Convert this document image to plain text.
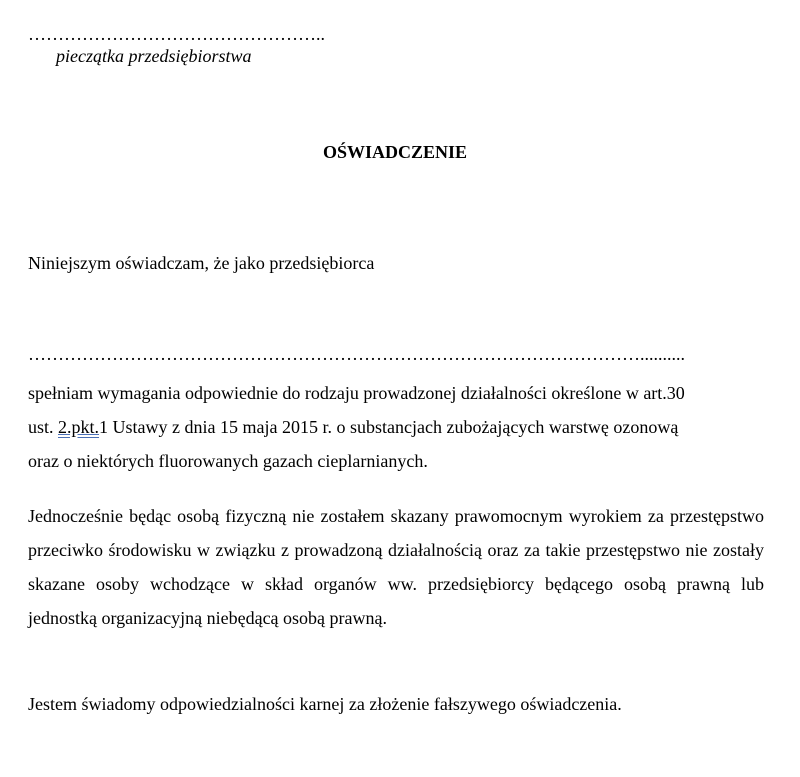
…………………………………………..
pieczątka przedsiębiorstwa
OŚWIADCZENIE
Niniejszym oświadczam, że jako przedsiębiorca
…………………………………………………………………………………………..........
spełniam wymagania odpowiednie do rodzaju prowadzonej działalności określone w art.30
ust. 2.pkt.1 Ustawy z dnia 15 maja 2015 r. o substancjach zubożających warstwę ozonową
oraz o niektórych fluorowanych gazach cieplarnianych.

Jednocześnie będąc osobą fizyczną nie zostałem skazany prawomocnym wyrokiem za przestępstwo przeciwko środowisku w związku z prowadzoną działalnością oraz za takie przestępstwo nie zostały skazane osoby wchodzące w skład organów ww. przedsiębiorcy będącego osobą prawną lub jednostką organizacyjną niebędącą osobą prawną.

Jestem świadomy odpowiedzialności karnej za złożenie fałszywego oświadczenia.
